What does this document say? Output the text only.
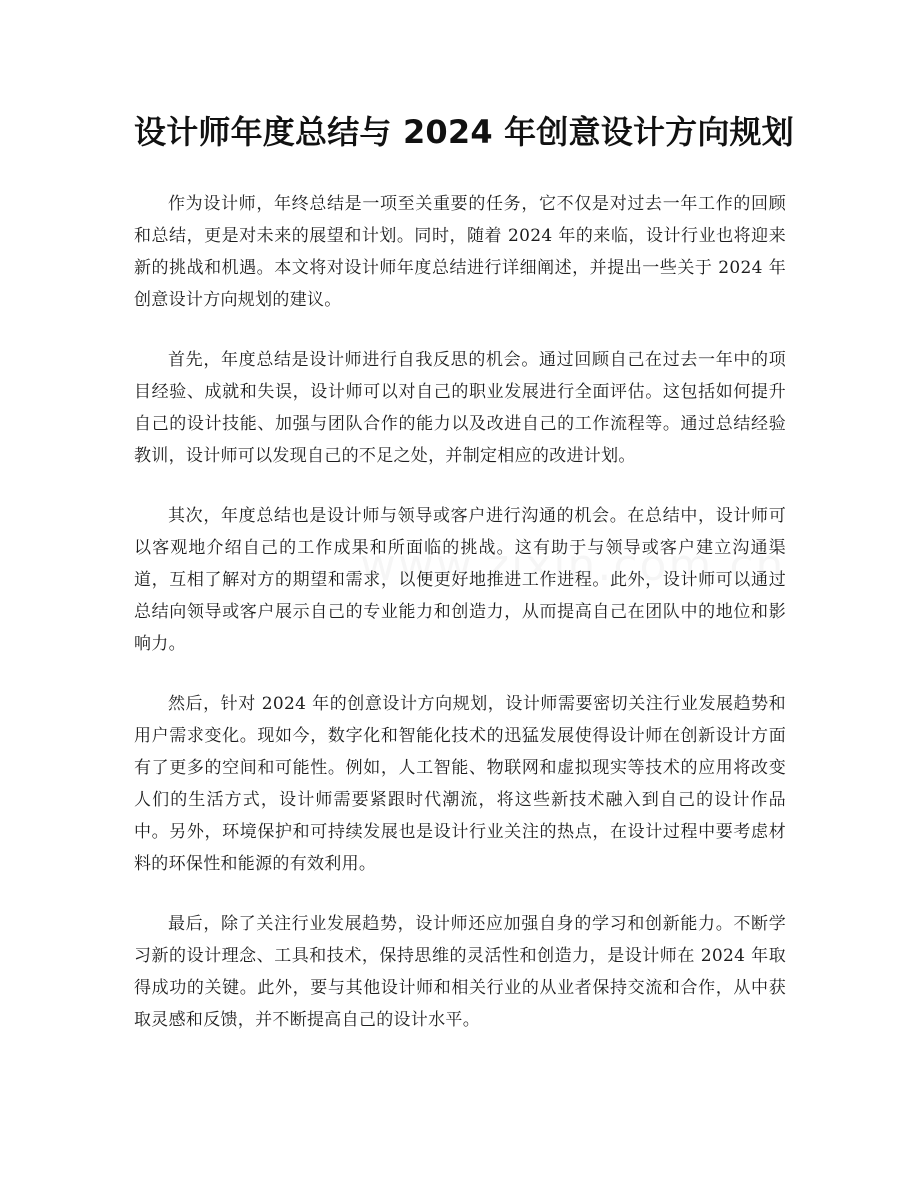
设计师年度总结与 2024 年创意设计方向规划

作为设计师，年终总结是一项至关重要的任务，它不仅是对过去一年工作的回顾和总结，更是对未来的展望和计划。同时，随着 2024 年的来临，设计行业也将迎来新的挑战和机遇。本文将对设计师年度总结进行详细阐述，并提出一些关于 2024 年创意设计方向规划的建议。

首先，年度总结是设计师进行自我反思的机会。通过回顾自己在过去一年中的项目经验、成就和失误，设计师可以对自己的职业发展进行全面评估。这包括如何提升自己的设计技能、加强与团队合作的能力以及改进自己的工作流程等。通过总结经验教训，设计师可以发现自己的不足之处，并制定相应的改进计划。

其次，年度总结也是设计师与领导或客户进行沟通的机会。在总结中，设计师可以客观地介绍自己的工作成果和所面临的挑战。这有助于与领导或客户建立沟通渠道，互相了解对方的期望和需求，以便更好地推进工作进程。此外，设计师可以通过总结向领导或客户展示自己的专业能力和创造力，从而提高自己在团队中的地位和影响力。

然后，针对 2024 年的创意设计方向规划，设计师需要密切关注行业发展趋势和用户需求变化。现如今，数字化和智能化技术的迅猛发展使得设计师在创新设计方面有了更多的空间和可能性。例如，人工智能、物联网和虚拟现实等技术的应用将改变人们的生活方式，设计师需要紧跟时代潮流，将这些新技术融入到自己的设计作品中。另外，环境保护和可持续发展也是设计行业关注的热点，在设计过程中要考虑材料的环保性和能源的有效利用。

最后，除了关注行业发展趋势，设计师还应加强自身的学习和创新能力。不断学习新的设计理念、工具和技术，保持思维的灵活性和创造力，是设计师在 2024 年取得成功的关键。此外，要与其他设计师和相关行业的从业者保持交流和合作，从中获取灵感和反馈，并不断提高自己的设计水平。
